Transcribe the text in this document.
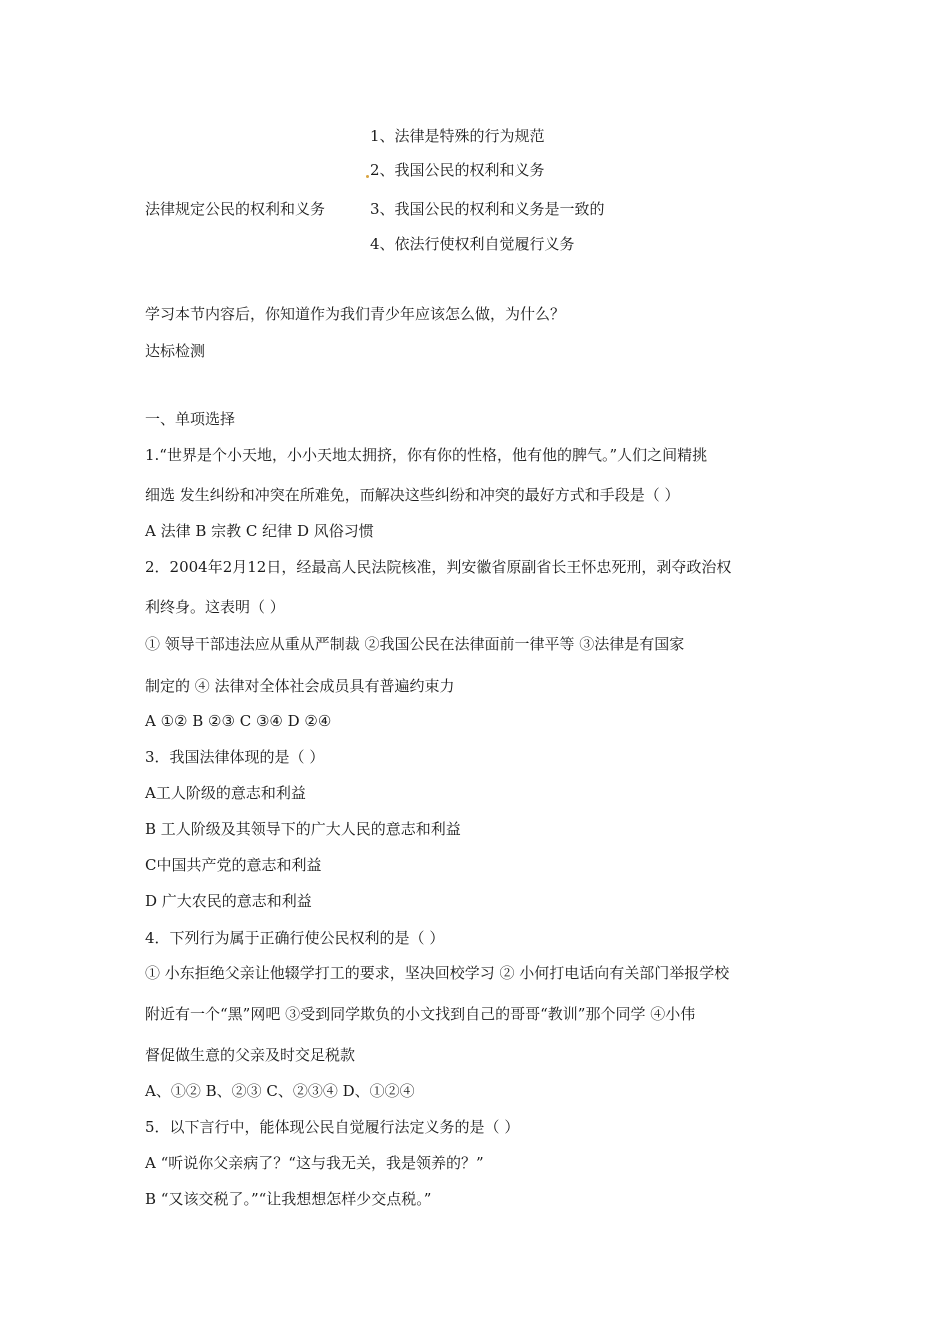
1、法律是特殊的行为规范
2、我国公民的权利和义务
法律规定公民的权利和义务	3、我国公民的权利和义务是一致的
4、依法行使权利自觉履行义务
学习本节内容后，你知道作为我们青少年应该怎么做，为什么？
达标检测
一、单项选择
1.“世界是个小天地，小小天地太拥挤，你有你的性格，他有他的脾气。”人们之间精挑
细选 发生纠纷和冲突在所难免，而解决这些纠纷和冲突的最好方式和手段是（ ）
A 法律 B 宗教 C 纪律 D 风俗习惯
2．2004年2月12日，经最高人民法院核准，判安徽省原副省长王怀忠死刑，剥夺政治权
利终身。这表明（ ）
① 领导干部违法应从重从严制裁 ②我国公民在法律面前一律平等 ③法律是有国家
制定的 ④ 法律对全体社会成员具有普遍约束力
A ①② B ②③ C ③④ D ②④
3．我国法律体现的是（ ）
A工人阶级的意志和利益
B 工人阶级及其领导下的广大人民的意志和利益
C中国共产党的意志和利益
D 广大农民的意志和利益
4．下列行为属于正确行使公民权利的是（ ）
① 小东拒绝父亲让他辍学打工的要求，坚决回校学习 ② 小何打电话向有关部门举报学校
附近有一个“黑”网吧 ③受到同学欺负的小文找到自己的哥哥“教训”那个同学 ④小伟
督促做生意的父亲及时交足税款
A、①② B、②③ C、②③④ D、①②④
5．以下言行中，能体现公民自觉履行法定义务的是（ ）
A “听说你父亲病了？“这与我无关，我是领养的？”
B “又该交税了。”“让我想想怎样少交点税。”
